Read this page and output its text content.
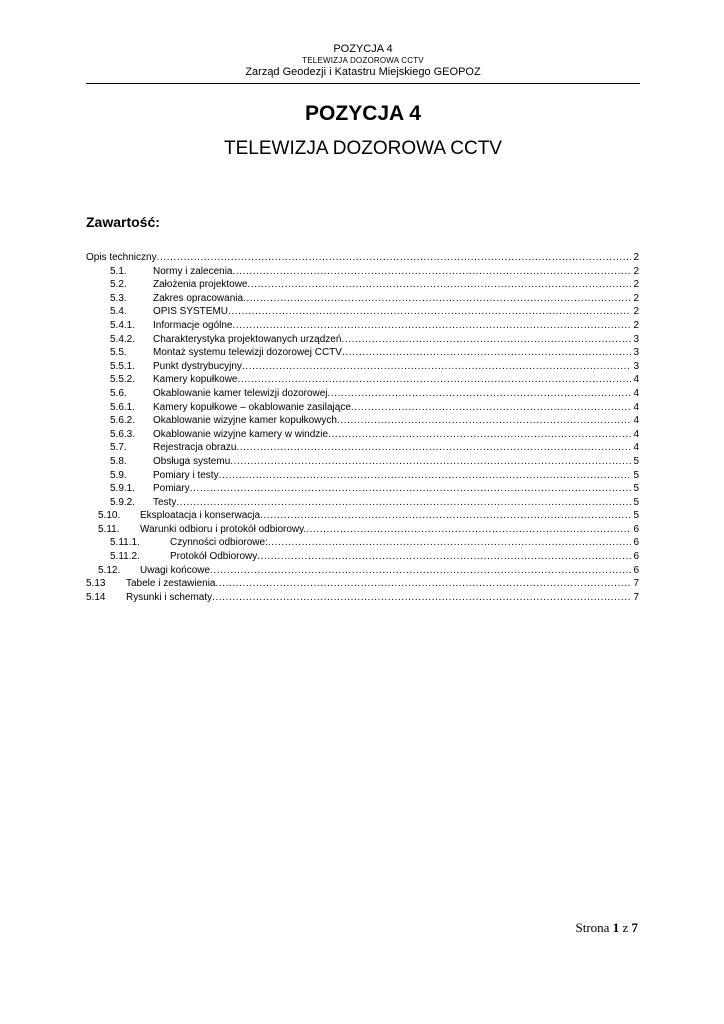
POZYCJA 4
TELEWIZJA DOZOROWA CCTV
Zarząd Geodezji i Katastru Miejskiego GEOPOZ
POZYCJA 4
TELEWIZJA DOZOROWA CCTV
Zawartość:
Opis techniczny .....	2
5.1.	Normy i zalecenia .....	2
5.2.	Założenia projektowe .....	2
5.3.	Zakres opracowania .....	2
5.4.	OPIS SYSTEMU .....	2
5.4.1.	Informacje ogólne .....	2
5.4.2.	Charakterystyka projektowanych urządzeń .....	3
5.5.	Montaż systemu telewizji dozorowej CCTV .....	3
5.5.1.	Punkt dystrybucyjny .....	3
5.5.2.	Kamery kopułkowe .....	4
5.6.	Okablowanie kamer telewizji dozorowej .....	4
5.6.1.	Kamery kopułkowe – okablowanie zasilające .....	4
5.6.2.	Okablowanie wizyjne kamer kopułkowych .....	4
5.6.3.	Okablowanie wizyjne kamery w windzie .....	4
5.7.	Rejestracja obrazu .....	4
5.8.	Obsługa systemu .....	5
5.9.	Pomiary i testy .....	5
5.9.1.	Pomiary .....	5
5.9.2.	Testy .....	5
5.10.	Eksploatacja i konserwacja .....	5
5.11.	Warunki odbioru i protokół odbiorowy. .....	6
5.11.1.	Czynności odbiorowe: .....	6
5.11.2.	Protokół Odbiorowy .....	6
5.12.	Uwagi końcowe .....	6
5.13	Tabele i zestawienia .....	7
5.14	Rysunki i schematy .....	7
Strona 1 z 7
